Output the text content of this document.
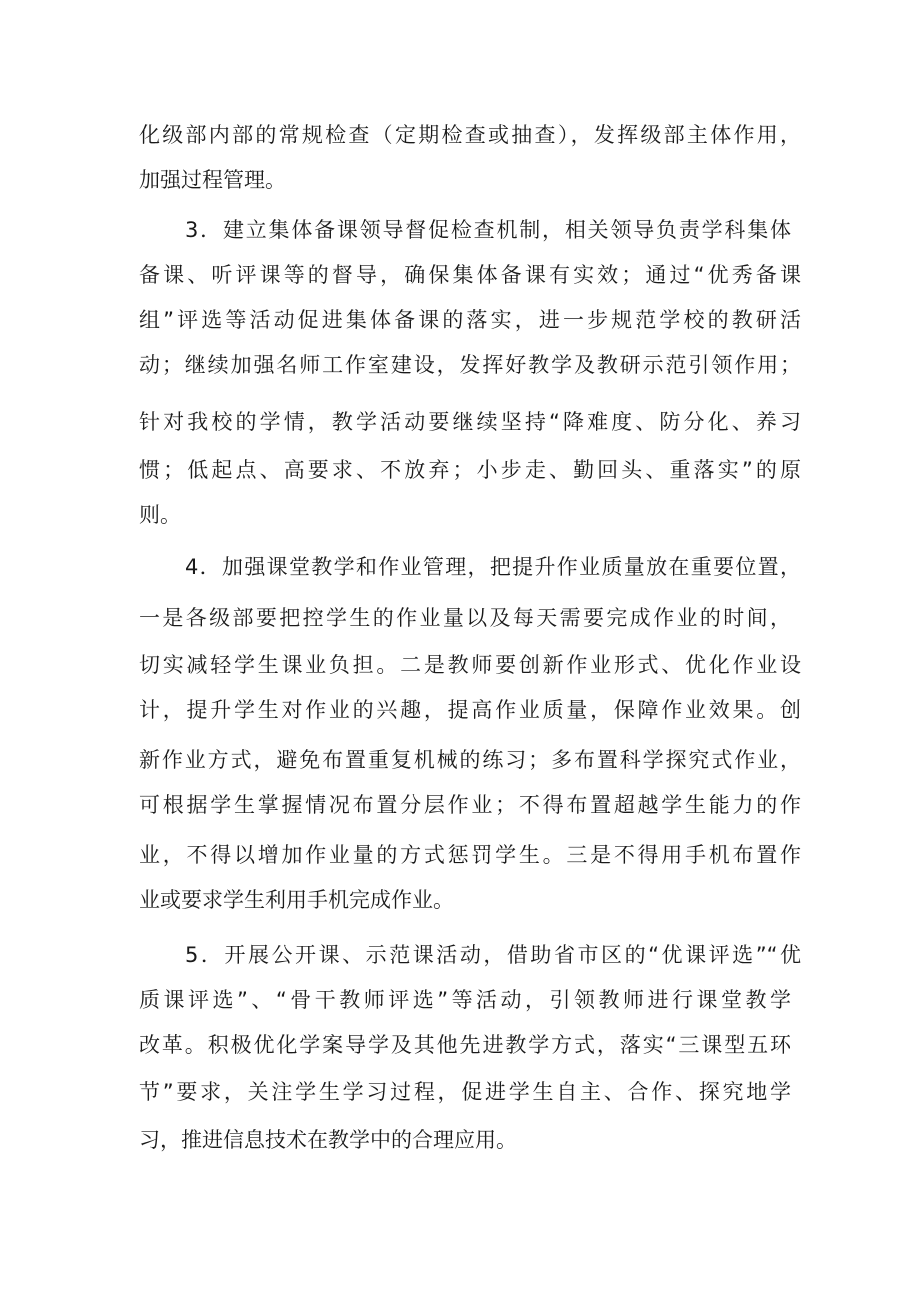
化级部内部的常规检查（定期检查或抽查），发挥级部主体作用，
加强过程管理。
3．建立集体备课领导督促检查机制，相关领导负责学科集体
备课、听评课等的督导，确保集体备课有实效；通过“优秀备课
组”评选等活动促进集体备课的落实，进一步规范学校的教研活
动；继续加强名师工作室建设，发挥好教学及教研示范引领作用；
针对我校的学情，教学活动要继续坚持“降难度、防分化、养习
惯；低起点、高要求、不放弃；小步走、勤回头、重落实”的原
则。
4．加强课堂教学和作业管理，把提升作业质量放在重要位置，
一是各级部要把控学生的作业量以及每天需要完成作业的时间，
切实减轻学生课业负担。二是教师要创新作业形式、优化作业设
计，提升学生对作业的兴趣，提高作业质量，保障作业效果。创
新作业方式，避免布置重复机械的练习；多布置科学探究式作业，
可根据学生掌握情况布置分层作业；不得布置超越学生能力的作
业，不得以增加作业量的方式惩罚学生。三是不得用手机布置作
业或要求学生利用手机完成作业。
5．开展公开课、示范课活动，借助省市区的“优课评选”“优
质课评选”、“骨干教师评选”等活动，引领教师进行课堂教学
改革。积极优化学案导学及其他先进教学方式，落实“三课型五环
节”要求，关注学生学习过程，促进学生自主、合作、探究地学
习，推进信息技术在教学中的合理应用。
